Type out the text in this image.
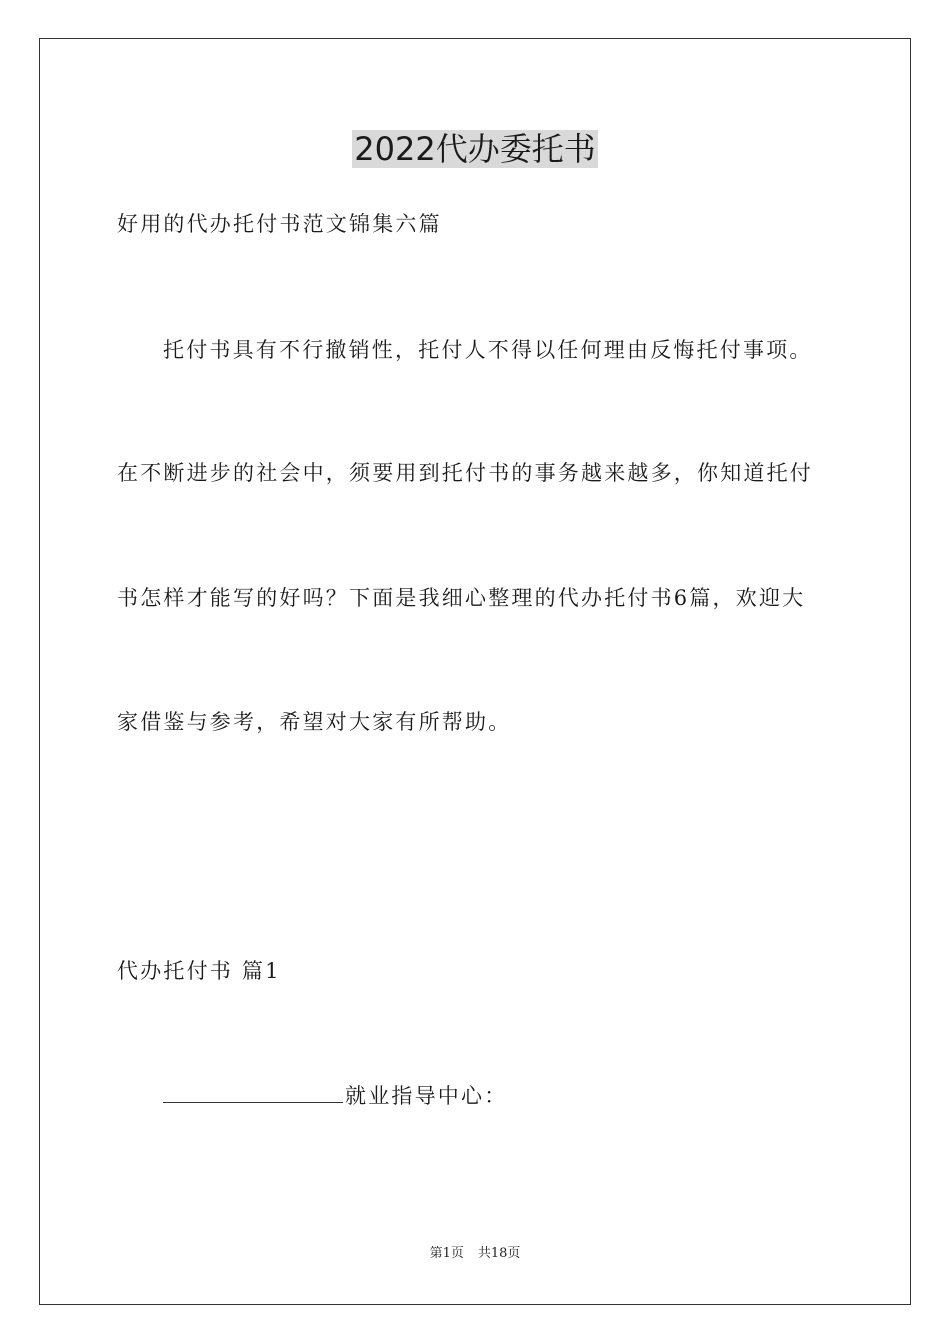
2022代办委托书
好用的代办托付书范文锦集六篇
托付书具有不行撤销性，托付人不得以任何理由反悔托付事项。
在不断进步的社会中，须要用到托付书的事务越来越多，你知道托付
书怎样才能写的好吗？下面是我细心整理的代办托付书6篇，欢迎大
家借鉴与参考，希望对大家有所帮助。
代办托付书 篇1
就业指导中心：
第1页 共18页
